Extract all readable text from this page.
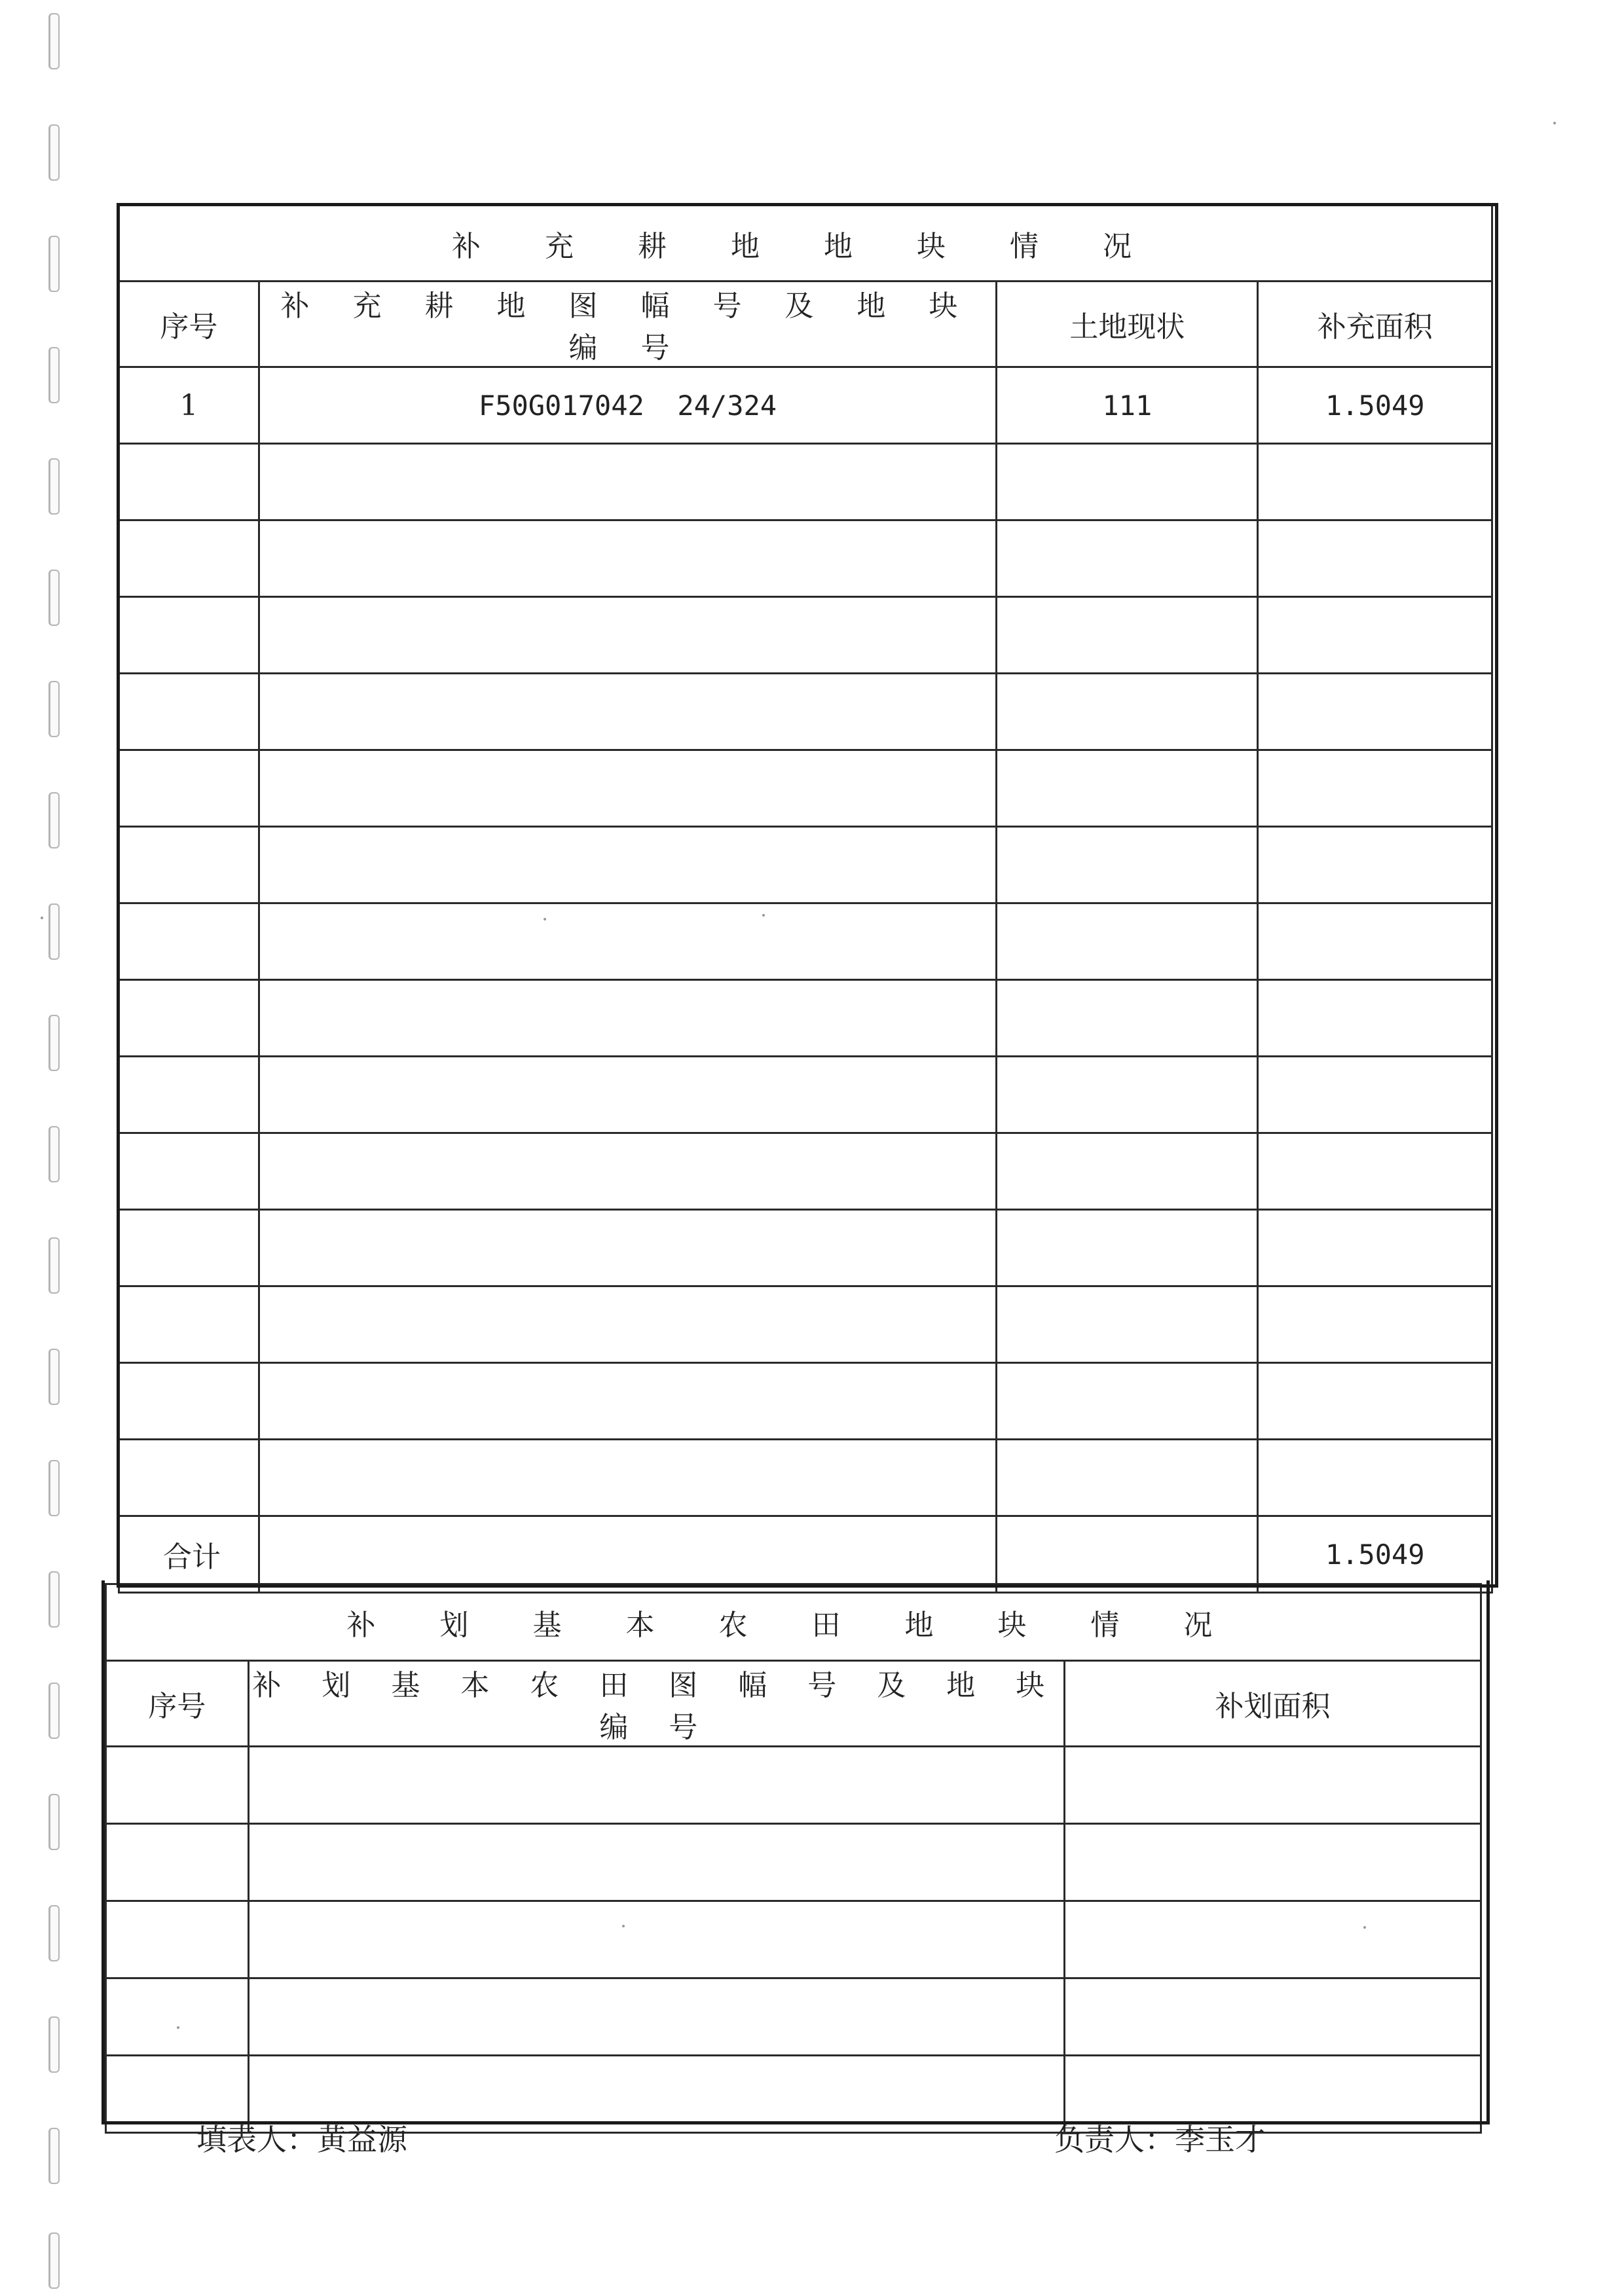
补 充 耕 地 地 块 情 况			
序号	补 充 耕 地 图 幅 号 及 地 块 编 号	土地现状	补充面积
1	F50G017042  24/324	111	1.5049

合计			1.5049
补 划 基 本 农 田 地 块 情 况		
序号	补 划 基 本 农 田 图 幅 号 及 地 块 编 号	补划面积

填表人：黄益源	负责人：李玉才
